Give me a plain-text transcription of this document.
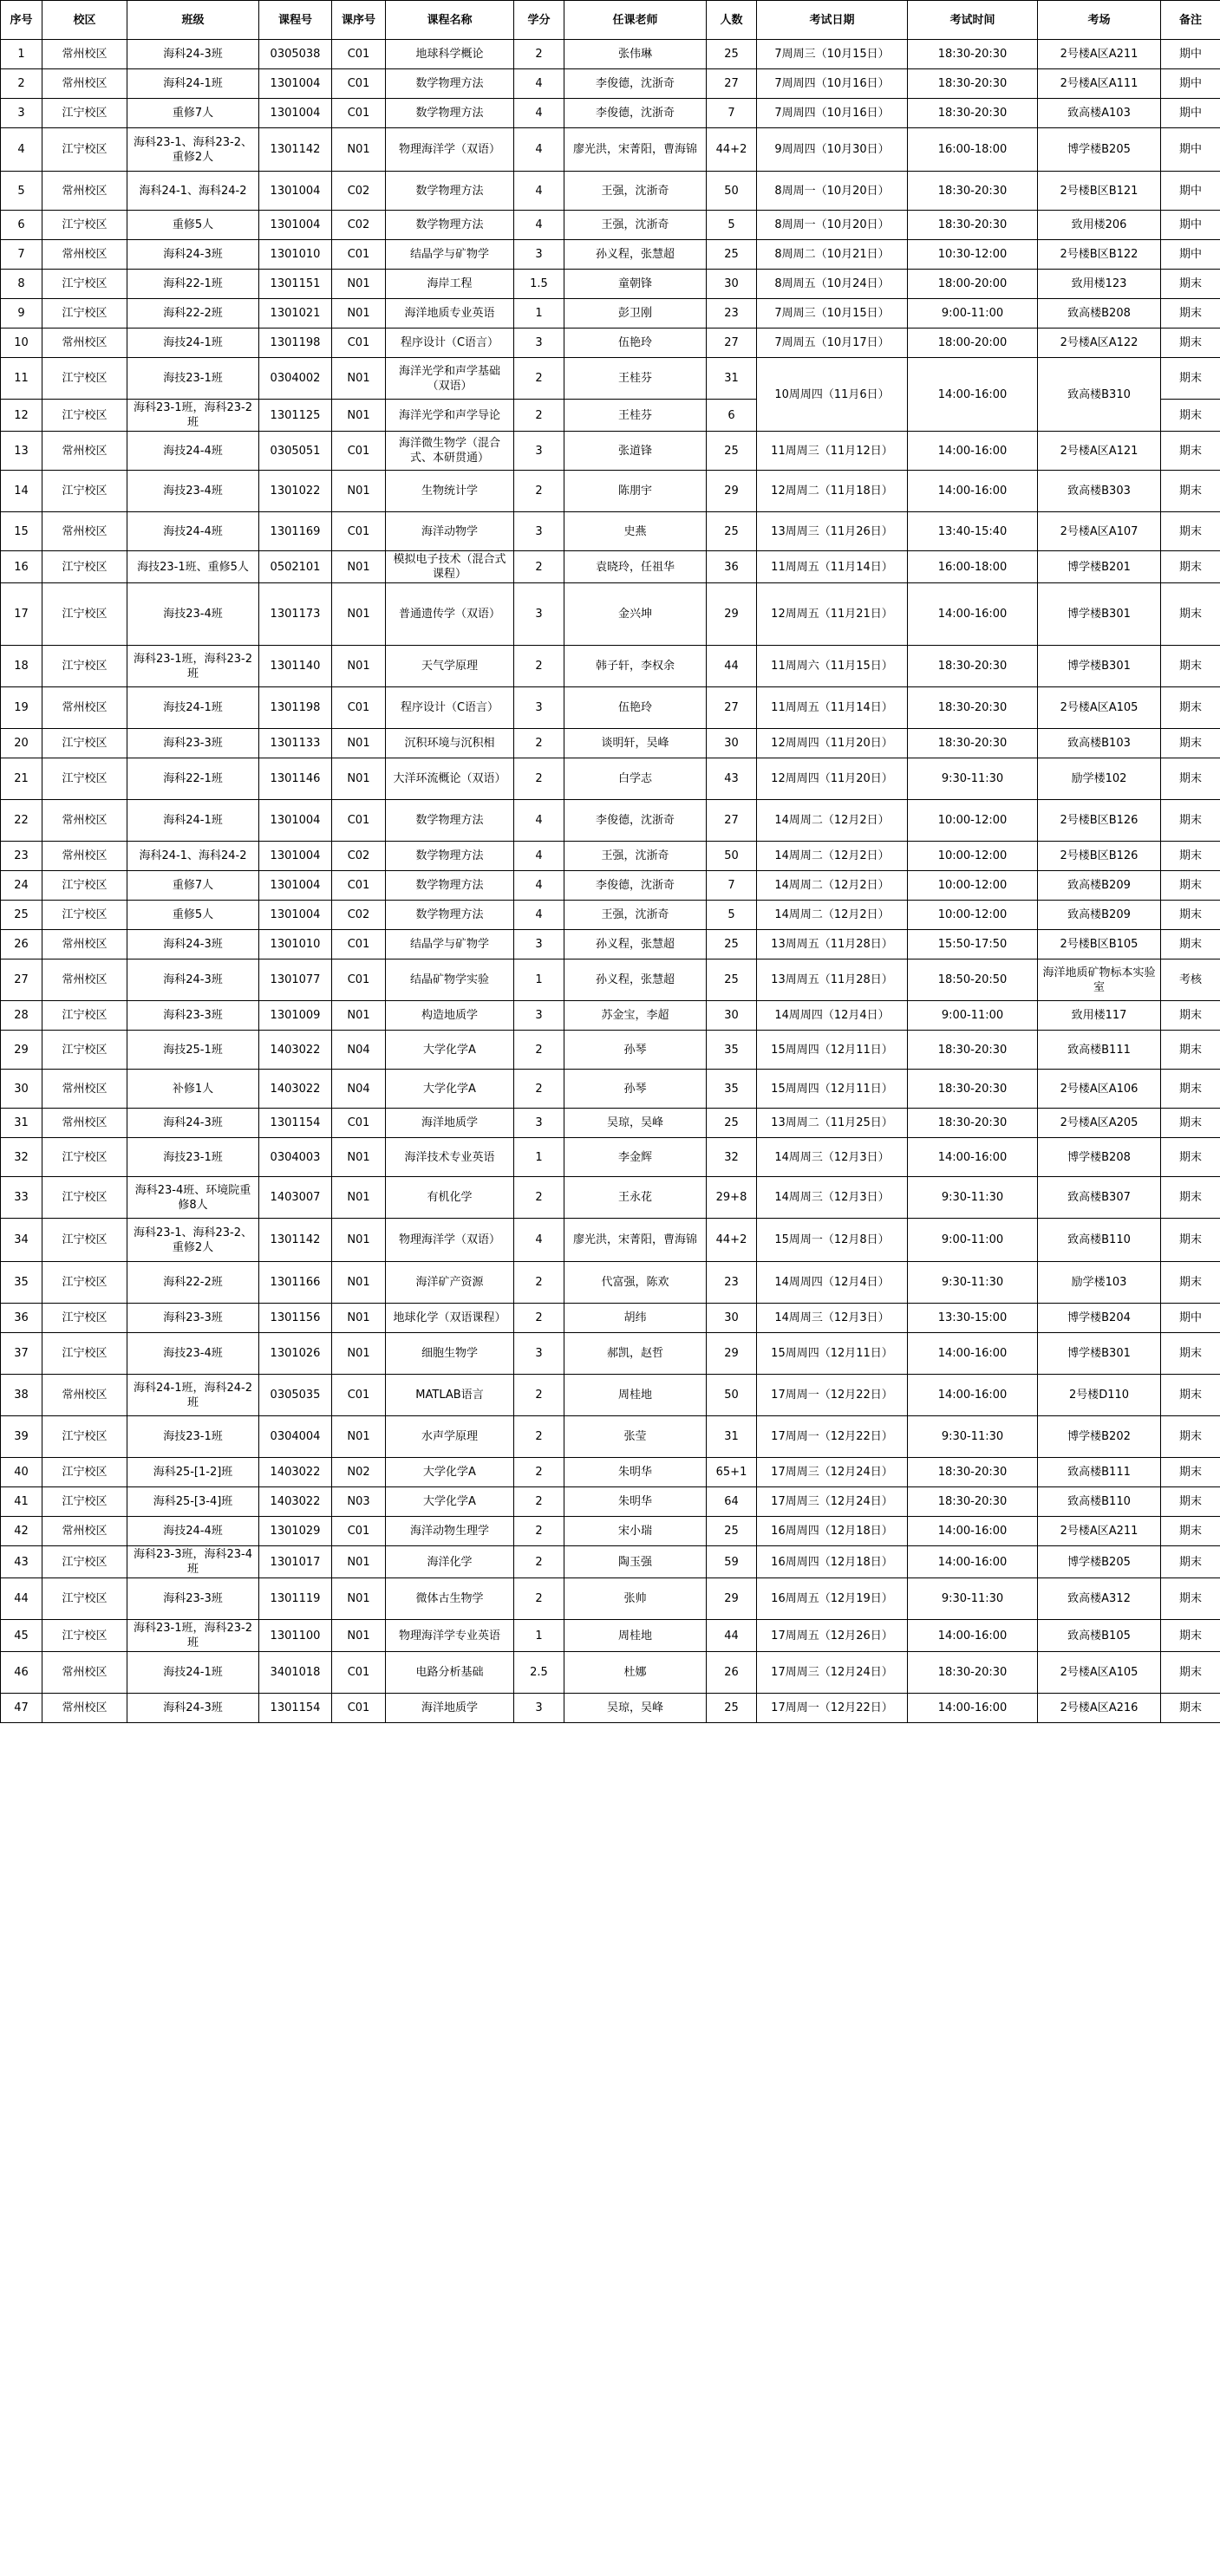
序号	校区	班级	课程号	课序号	课程名称	学分	任课老师	人数	考试日期	考试时间	考场	备注
1	常州校区	海科24-3班	0305038	C01	地球科学概论	2	张伟琳	25	7周周三（10月15日）	18:30-20:30	2号楼A区A211	期中
2	常州校区	海科24-1班	1301004	C01	数学物理方法	4	李俊德，沈浙奇	27	7周周四（10月16日）	18:30-20:30	2号楼A区A111	期中
3	江宁校区	重修7人	1301004	C01	数学物理方法	4	李俊德，沈浙奇	7	7周周四（10月16日）	18:30-20:30	致高楼A103	期中
4	江宁校区	海科23-1、海科23-2、重修2人	1301142	N01	物理海洋学（双语）	4	廖光洪，宋菁阳，曹海锦	44+2	9周周四（10月30日）	16:00-18:00	博学楼B205	期中
5	常州校区	海科24-1、海科24-2	1301004	C02	数学物理方法	4	王强，沈浙奇	50	8周周一（10月20日）	18:30-20:30	2号楼B区B121	期中
6	江宁校区	重修5人	1301004	C02	数学物理方法	4	王强，沈浙奇	5	8周周一（10月20日）	18:30-20:30	致用楼206	期中
7	常州校区	海科24-3班	1301010	C01	结晶学与矿物学	3	孙义程，张慧超	25	8周周二（10月21日）	10:30-12:00	2号楼B区B122	期中
8	江宁校区	海科22-1班	1301151	N01	海岸工程	1.5	童朝锋	30	8周周五（10月24日）	18:00-20:00	致用楼123	期末
9	江宁校区	海科22-2班	1301021	N01	海洋地质专业英语	1	彭卫刚	23	7周周三（10月15日）	9:00-11:00	致高楼B208	期末
10	常州校区	海技24-1班	1301198	C01	程序设计（C语言）	3	伍艳玲	27	7周周五（10月17日）	18:00-20:00	2号楼A区A122	期末
11	江宁校区	海技23-1班	0304002	N01	海洋光学和声学基础（双语）	2	王桂芬	31	10周周四（11月6日）	14:00-16:00	致高楼B310	期末
12	江宁校区	海科23-1班，海科23-2班	1301125	N01	海洋光学和声学导论	2	王桂芬	6				期末
13	常州校区	海技24-4班	0305051	C01	海洋微生物学（混合式、本研贯通）	3	张道锋	25	11周周三（11月12日）	14:00-16:00	2号楼A区A121	期末
14	江宁校区	海技23-4班	1301022	N01	生物统计学	2	陈朋宇	29	12周周二（11月18日）	14:00-16:00	致高楼B303	期末
15	常州校区	海技24-4班	1301169	C01	海洋动物学	3	史燕	25	13周周三（11月26日）	13:40-15:40	2号楼A区A107	期末
16	江宁校区	海技23-1班、重修5人	0502101	N01	模拟电子技术（混合式课程）	2	袁晓玲，任祖华	36	11周周五（11月14日）	16:00-18:00	博学楼B201	期末
17	江宁校区	海技23-4班	1301173	N01	普通遗传学（双语）	3	金兴坤	29	12周周五（11月21日）	14:00-16:00	博学楼B301	期末
18	江宁校区	海科23-1班，海科23-2班	1301140	N01	天气学原理	2	韩子轩，李权余	44	11周周六（11月15日）	18:30-20:30	博学楼B301	期末
19	常州校区	海技24-1班	1301198	C01	程序设计（C语言）	3	伍艳玲	27	11周周五（11月14日）	18:30-20:30	2号楼A区A105	期末
20	江宁校区	海科23-3班	1301133	N01	沉积环境与沉积相	2	谈明轩，吴峰	30	12周周四（11月20日）	18:30-20:30	致高楼B103	期末
21	江宁校区	海科22-1班	1301146	N01	大洋环流概论（双语）	2	白学志	43	12周周四（11月20日）	9:30-11:30	励学楼102	期末
22	常州校区	海科24-1班	1301004	C01	数学物理方法	4	李俊德，沈浙奇	27	14周周二（12月2日）	10:00-12:00	2号楼B区B126	期末
23	常州校区	海科24-1、海科24-2	1301004	C02	数学物理方法	4	王强，沈浙奇	50	14周周二（12月2日）	10:00-12:00	2号楼B区B126	期末
24	江宁校区	重修7人	1301004	C01	数学物理方法	4	李俊德，沈浙奇	7	14周周二（12月2日）	10:00-12:00	致高楼B209	期末
25	江宁校区	重修5人	1301004	C02	数学物理方法	4	王强，沈浙奇	5	14周周二（12月2日）	10:00-12:00	致高楼B209	期末
26	常州校区	海科24-3班	1301010	C01	结晶学与矿物学	3	孙义程，张慧超	25	13周周五（11月28日）	15:50-17:50	2号楼B区B105	期末
27	常州校区	海科24-3班	1301077	C01	结晶矿物学实验	1	孙义程，张慧超	25	13周周五（11月28日）	18:50-20:50	海洋地质矿物标本实验室	考核
28	江宁校区	海科23-3班	1301009	N01	构造地质学	3	苏金宝，李超	30	14周周四（12月4日）	9:00-11:00	致用楼117	期末
29	江宁校区	海技25-1班	1403022	N04	大学化学A	2	孙琴	35	15周周四（12月11日）	18:30-20:30	致高楼B111	期末
30	常州校区	补修1人	1403022	N04	大学化学A	2	孙琴	35	15周周四（12月11日）	18:30-20:30	2号楼A区A106	期末
31	常州校区	海科24-3班	1301154	C01	海洋地质学	3	吴琼，吴峰	25	13周周二（11月25日）	18:30-20:30	2号楼A区A205	期末
32	江宁校区	海技23-1班	0304003	N01	海洋技术专业英语	1	李金辉	32	14周周三（12月3日）	14:00-16:00	博学楼B208	期末
33	江宁校区	海科23-4班、环境院重修8人	1403007	N01	有机化学	2	王永花	29+8	14周周三（12月3日）	9:30-11:30	致高楼B307	期末
34	江宁校区	海科23-1、海科23-2、重修2人	1301142	N01	物理海洋学（双语）	4	廖光洪，宋菁阳，曹海锦	44+2	15周周一（12月8日）	9:00-11:00	致高楼B110	期末
35	江宁校区	海科22-2班	1301166	N01	海洋矿产资源	2	代富强，陈欢	23	14周周四（12月4日）	9:30-11:30	励学楼103	期末
36	江宁校区	海科23-3班	1301156	N01	地球化学（双语课程）	2	胡纬	30	14周周三（12月3日）	13:30-15:00	博学楼B204	期中
37	江宁校区	海技23-4班	1301026	N01	细胞生物学	3	郝凯，赵哲	29	15周周四（12月11日）	14:00-16:00	博学楼B301	期末
38	常州校区	海科24-1班，海科24-2班	0305035	C01	MATLAB语言	2	周桂地	50	17周周一（12月22日）	14:00-16:00	2号楼D110	期末
39	江宁校区	海技23-1班	0304004	N01	水声学原理	2	张莹	31	17周周一（12月22日）	9:30-11:30	博学楼B202	期末
40	江宁校区	海科25-[1-2]班	1403022	N02	大学化学A	2	朱明华	65+1	17周周三（12月24日）	18:30-20:30	致高楼B111	期末
41	江宁校区	海科25-[3-4]班	1403022	N03	大学化学A	2	朱明华	64	17周周三（12月24日）	18:30-20:30	致高楼B110	期末
42	常州校区	海技24-4班	1301029	C01	海洋动物生理学	2	宋小瑞	25	16周周四（12月18日）	14:00-16:00	2号楼A区A211	期末
43	江宁校区	海科23-3班，海科23-4班	1301017	N01	海洋化学	2	陶玉强	59	16周周四（12月18日）	14:00-16:00	博学楼B205	期末
44	江宁校区	海科23-3班	1301119	N01	微体古生物学	2	张帅	29	16周周五（12月19日）	9:30-11:30	致高楼A312	期末
45	江宁校区	海科23-1班，海科23-2班	1301100	N01	物理海洋学专业英语	1	周桂地	44	17周周五（12月26日）	14:00-16:00	致高楼B105	期末
46	常州校区	海技24-1班	3401018	C01	电路分析基础	2.5	杜娜	26	17周周三（12月24日）	18:30-20:30	2号楼A区A105	期末
47	常州校区	海科24-3班	1301154	C01	海洋地质学	3	吴琼，吴峰	25	17周周一（12月22日）	14:00-16:00	2号楼A区A216	期末
